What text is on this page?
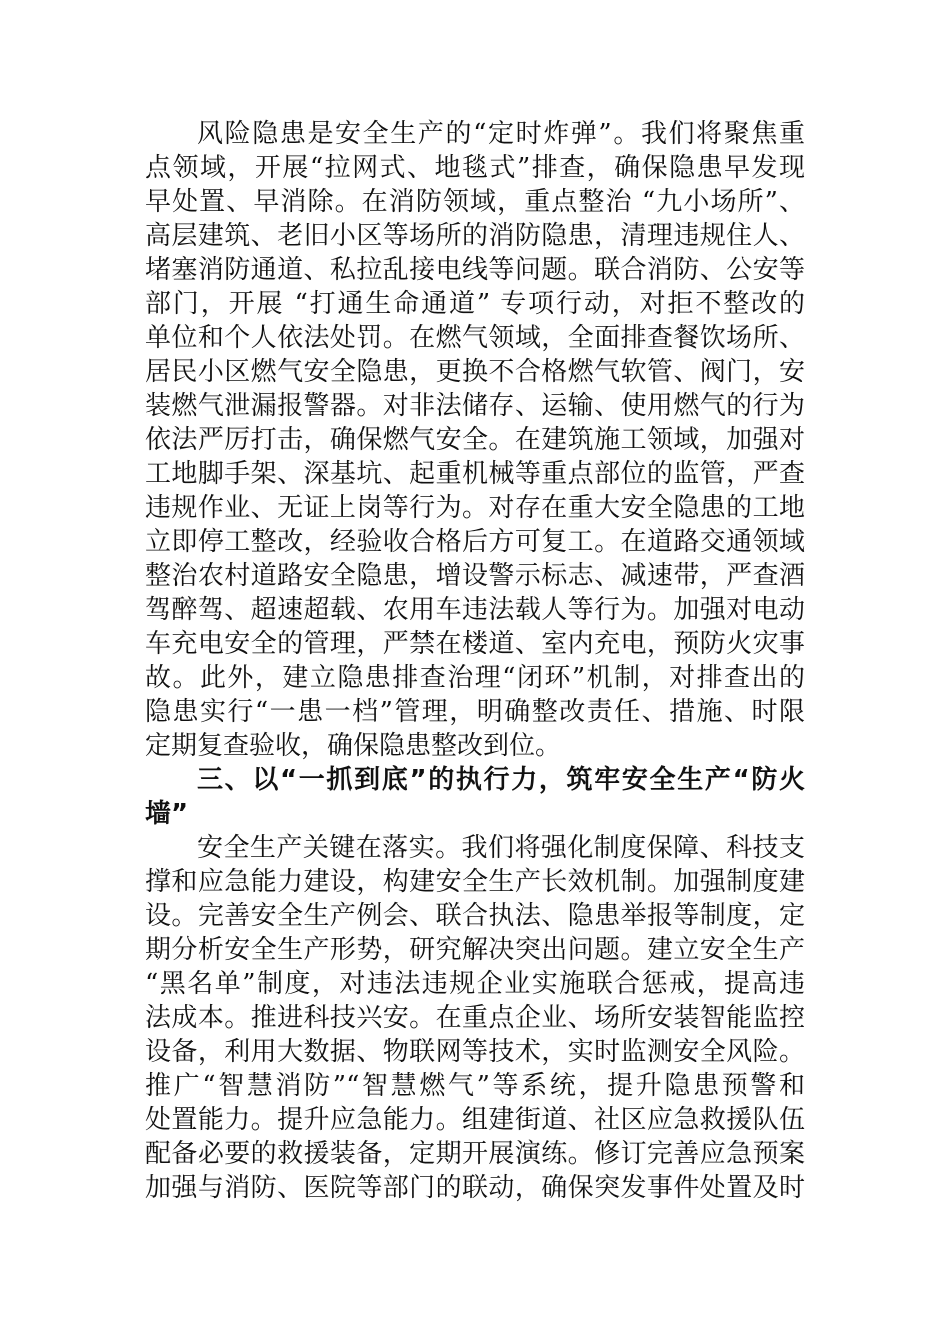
风险隐患是安全生产的“定时炸弹”。我们将聚焦重
点领域，开展“拉网式、地毯式”排查，确保隐患早发现
早处置、早消除。在消防领域，重点整治 “九小场所”、
高层建筑、老旧小区等场所的消防隐患，清理违规住人、
堵塞消防通道、私拉乱接电线等问题。联合消防、公安等
部门，开展 “打通生命通道” 专项行动，对拒不整改的
单位和个人依法处罚。在燃气领域，全面排查餐饮场所、
居民小区燃气安全隐患，更换不合格燃气软管、阀门，安
装燃气泄漏报警器。对非法储存、运输、使用燃气的行为
依法严厉打击，确保燃气安全。在建筑施工领域，加强对
工地脚手架、深基坑、起重机械等重点部位的监管，严查
违规作业、无证上岗等行为。对存在重大安全隐患的工地
立即停工整改，经验收合格后方可复工。在道路交通领域
整治农村道路安全隐患，增设警示标志、减速带，严查酒
驾醉驾、超速超载、农用车违法载人等行为。加强对电动
车充电安全的管理，严禁在楼道、室内充电，预防火灾事
故。此外，建立隐患排查治理“闭环”机制，对排查出的
隐患实行“一患一档”管理，明确整改责任、措施、时限
定期复查验收，确保隐患整改到位。
三、以“一抓到底”的执行力，筑牢安全生产“防火
墙”
安全生产关键在落实。我们将强化制度保障、科技支
撑和应急能力建设，构建安全生产长效机制。加强制度建
设。完善安全生产例会、联合执法、隐患举报等制度，定
期分析安全生产形势，研究解决突出问题。建立安全生产
“黑名单”制度，对违法违规企业实施联合惩戒，提高违
法成本。推进科技兴安。在重点企业、场所安装智能监控
设备，利用大数据、物联网等技术，实时监测安全风险。
推广“智慧消防”“智慧燃气”等系统，提升隐患预警和
处置能力。提升应急能力。组建街道、社区应急救援队伍
配备必要的救援装备，定期开展演练。修订完善应急预案
加强与消防、医院等部门的联动，确保突发事件处置及时
